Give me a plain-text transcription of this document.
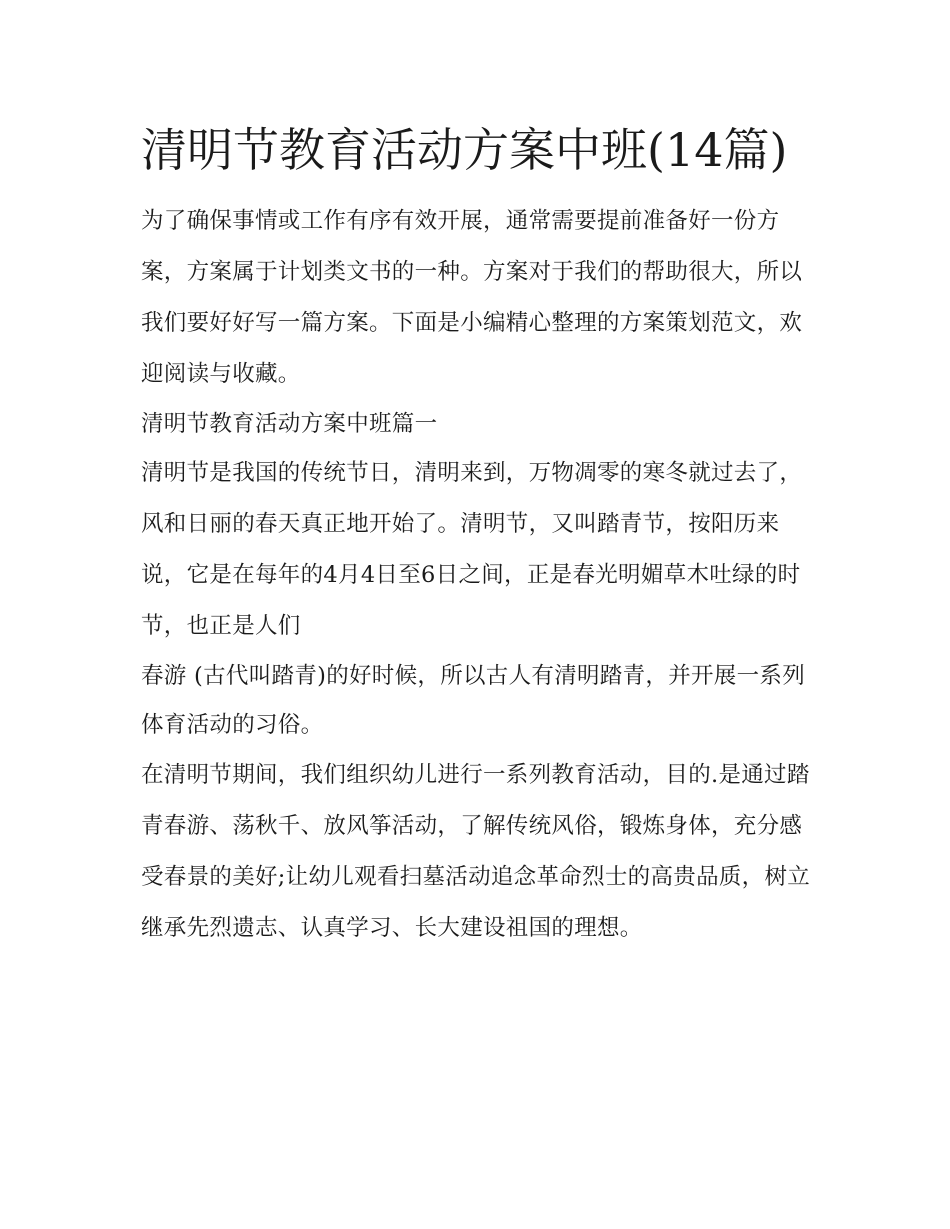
清明节教育活动方案中班(14篇)

为了确保事情或工作有序有效开展，通常需要提前准备好一份方案，方案属于计划类文书的一种。方案对于我们的帮助很大，所以我们要好好写一篇方案。下面是小编精心整理的方案策划范文，欢迎阅读与收藏。

清明节教育活动方案中班篇一

清明节是我国的传统节日，清明来到，万物凋零的寒冬就过去了，风和日丽的春天真正地开始了。清明节，又叫踏青节，按阳历来说，它是在每年的4月4日至6日之间，正是春光明媚草木吐绿的时节，也正是人们

春游 (古代叫踏青)的好时候，所以古人有清明踏青，并开展一系列体育活动的习俗。

在清明节期间，我们组织幼儿进行一系列教育活动，目的.是通过踏青春游、荡秋千、放风筝活动，了解传统风俗，锻炼身体，充分感受春景的美好;让幼儿观看扫墓活动追念革命烈士的高贵品质，树立继承先烈遗志、认真学习、长大建设祖国的理想。
